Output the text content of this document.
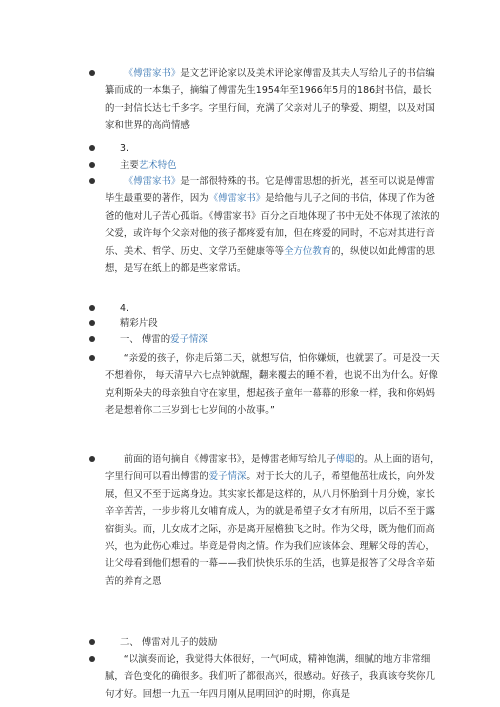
《傅雷家书》是文艺评论家以及美术评论家傅雷及其夫人写给儿子的书信编纂而成的一本集子，摘编了傅雷先生1954年至1966年5月的186封书信，最长的一封信长达七千多字。字里行间，充满了父亲对儿子的挚爱、期望，以及对国家和世界的高尚情感
3.
主要艺术特色
《傅雷家书》是一部很特殊的书。它是傅雷思想的折光，甚至可以说是傅雷毕生最重要的著作，因为《傅雷家书》是给他与儿子之间的书信，体现了作为爸爸的他对儿子苦心孤诣。《傅雷家书》百分之百地体现了书中无处不体现了浓浓的父爱，或许每个父亲对他的孩子都疼爱有加，但在疼爱的同时，不忘对其进行音乐、美术、哲学、历史、文学乃至健康等等全方位教育的，纵使以如此傅雷的思想，是写在纸上的都是些家常话。
4.
精彩片段
一、 傅雷的爱子情深
“亲爱的孩子，你走后第二天，就想写信，怕你嫌烦，也就罢了。可是没一天不想着你， 每天清早六七点钟就醒，翻来覆去的睡不着，也说不出为什么。好像克利斯朵夫的母亲独自守在家里，想起孩子童年一幕幕的形象一样，我和你妈妈老是想着你二三岁到七七岁间的小故事。”
前面的语句摘自《傅雷家书》，是傅雷老师写给儿子傅聪的。从上面的语句，字里行间可以看出傅雷的爱子情深。对于长大的儿子，希望他茁壮成长，向外发展，但又不至于远离身边。其实家长都是这样的，从八月怀胎到十月分娩，家长辛辛苦苦，一步步将儿女哺育成人，为的就是希望子女才有所用，以后不至于露宿街头。而，儿女成才之际，亦是离开屋檐独飞之时。作为父母，既为他们而高兴，也为此伤心难过。毕竟是骨肉之情。作为我们应该体会、理解父母的苦心，让父母看到他们想看的一幕——我们快快乐乐的生活，也算是报答了父母含辛茹苦的养育之恩
二、 傅雷对儿子的鼓励
“以演奏而论，我觉得大体很好，一气呵成，精神饱满，细腻的地方非常细腻，音色变化的确很多。我们听了都很高兴，很感动。好孩子，我真该夸奖你几句才好。回想一九五一年四月刚从昆明回沪的时期，你真是
